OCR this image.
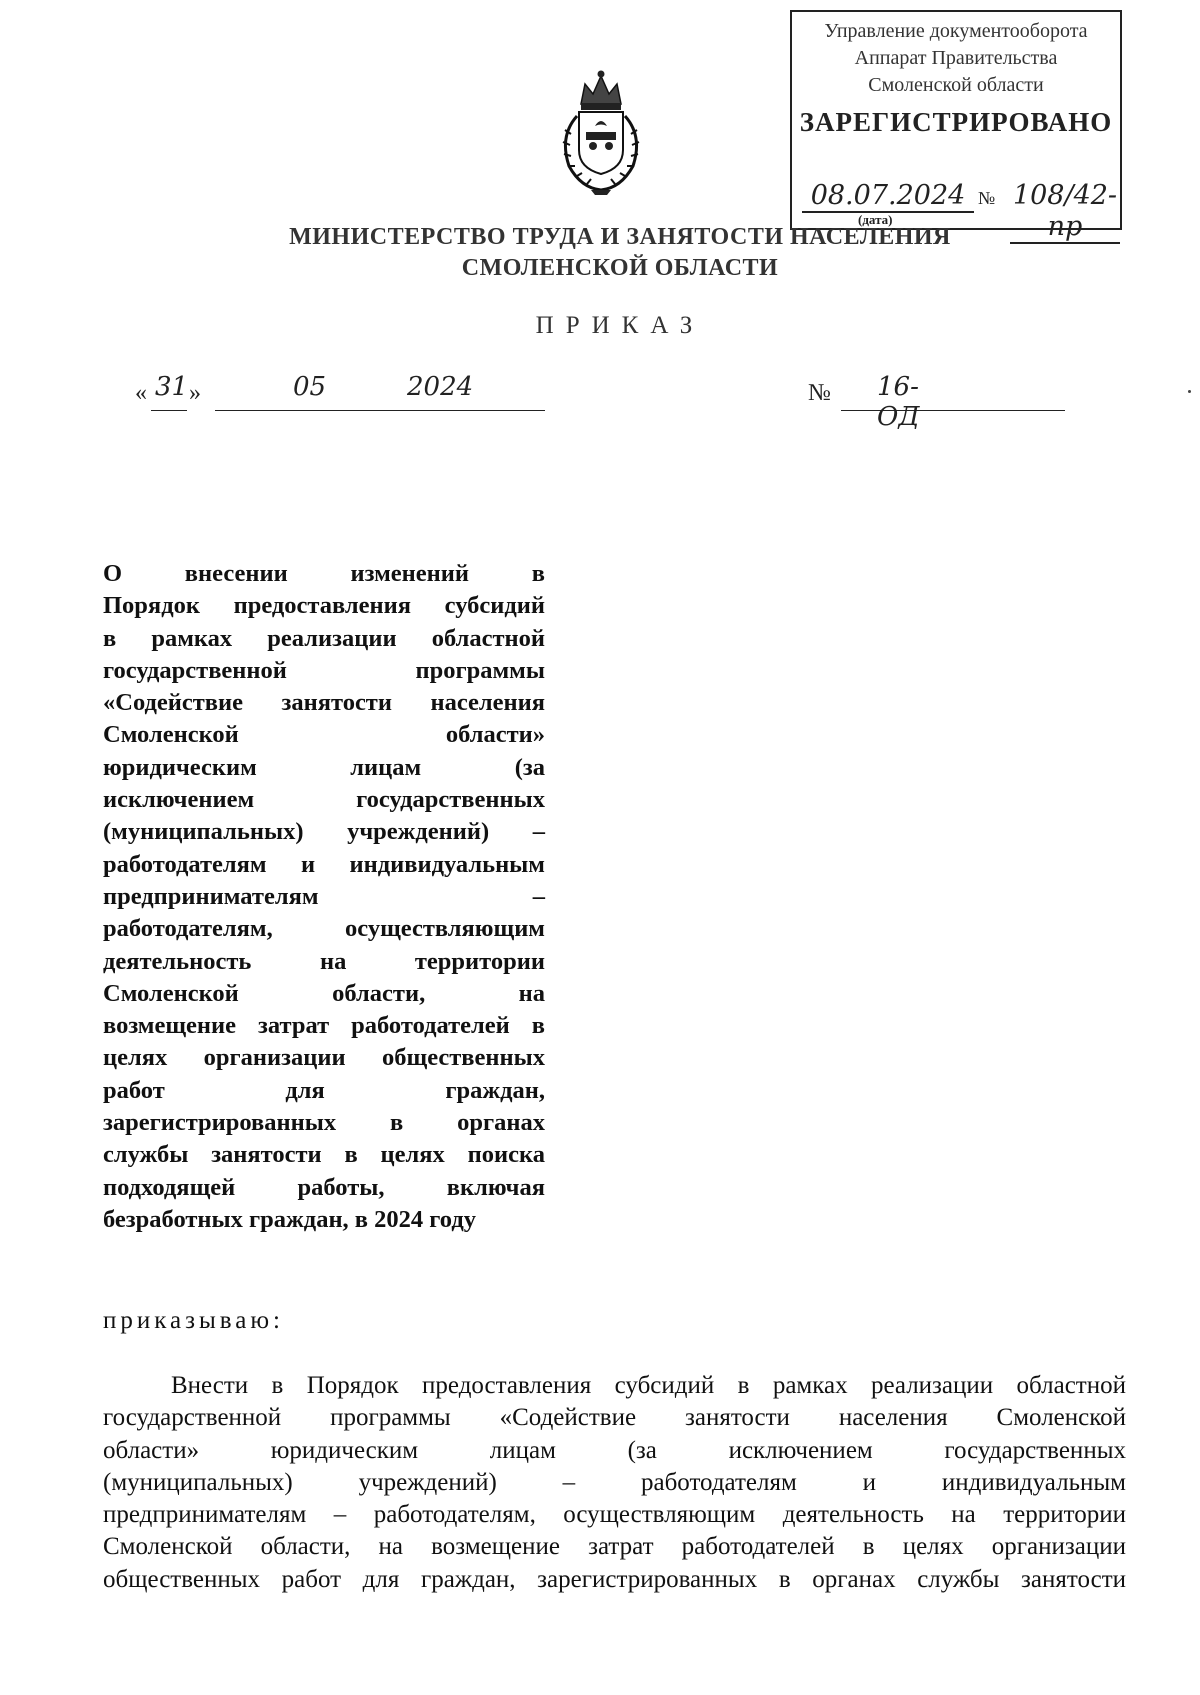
Управление документооборота
Аппарат Правительства
Смоленской области
ЗАРЕГИСТРИРОВАНО
08.07.2024 № 108/42-пр
(дата)
МИНИСТЕРСТВО ТРУДА И ЗАНЯТОСТИ НАСЕЛЕНИЯ
СМОЛЕНСКОЙ ОБЛАСТИ
ПРИКАЗ
« 31 »	05	2024	№ 16-ОД
О внесении изменений в
Порядок предоставления субсидий
в рамках реализации областной
государственной программы
«Содействие занятости населения
Смоленской области»
юридическим лицам (за
исключением государственных
(муниципальных) учреждений) –
работодателям и индивидуальным
предпринимателям –
работодателям, осуществляющим
деятельность на территории
Смоленской области, на
возмещение затрат работодателей в
целях организации общественных
работ для граждан,
зарегистрированных в органах
службы занятости в целях поиска
подходящей работы, включая
безработных граждан, в 2024 году
приказываю:
Внести в Порядок предоставления субсидий в рамках реализации областной
государственной программы «Содействие занятости населения Смоленской
области» юридическим лицам (за исключением государственных
(муниципальных) учреждений) – работодателям и индивидуальным
предпринимателям – работодателям, осуществляющим деятельность на территории
Смоленской области, на возмещение затрат работодателей в целях организации
общественных работ для граждан, зарегистрированных в органах службы занятости
